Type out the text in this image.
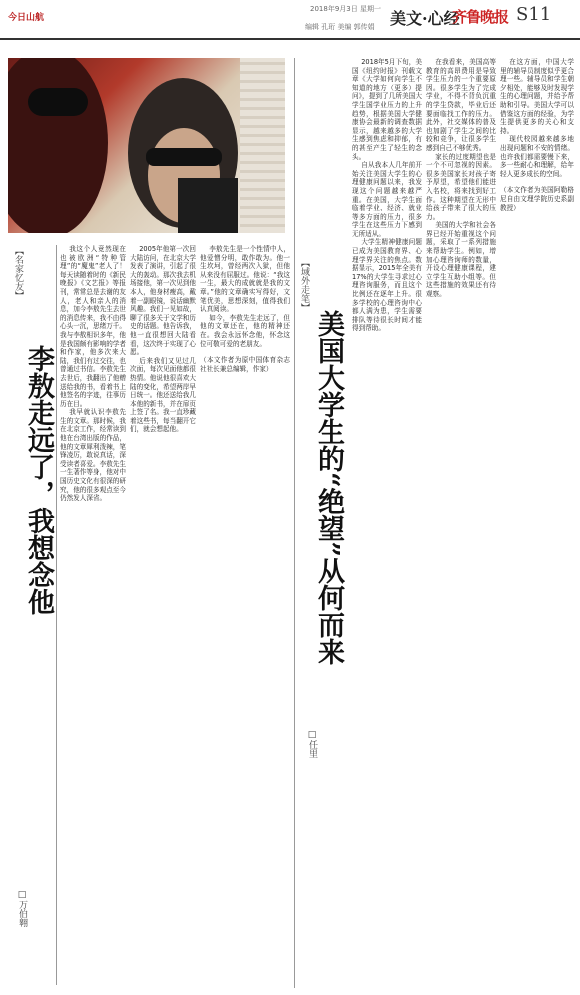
今日山航
2018年9月3日 星期一
编辑 孔珩 美编 郭传娟 美文·心经
齐鲁晚报 S11
【名家忆友】
李敖走远了，我想念他
□万伯翱

我这个人竟然现在也被欧洲“特种管理”的“魔鬼”老人了！每天读随着时的《新民晚报》《文艺报》等报刊，常常总是去谢的友人，老人和亲人的消息，加今李敖先生去世的消息传来，我不由得心头一沉，思绪万千。我与李敖相识多年，他是我国颇有影响的学者和作家，他多次来大陆，我们有过交往，也曾通过书信。李敖先生去世后，我翻出了他赠送给我的书，看着书上他签名的字迹，往事历历在目。

我早就认识李敖先生的文章。那时候，我在北京工作，经常读到他在台湾出版的作品，他的文章犀利泼辣，笔锋凌厉，敢说真话，深受读者喜爱。李敖先生一生著作等身，他对中国历史文化有很深的研究，他的很多观点至今仍然发人深省。

2005年他第一次回大陆访问，在北京大学发表了演讲，引起了很大的轰动。那次我去机场接他，第一次见到他本人，他身材瘦高，戴着一副眼镜，说话幽默风趣。我们一见如故，聊了很多关于文学和历史的话题。他告诉我，他一直很想回大陆看看，这次终于实现了心愿。

后来我们又见过几次面，每次见面他都很热情。他说他很喜欢大陆的变化，希望两岸早日统一。他还送给我几本他的新书，并在扉页上签了名。我一直珍藏着这些书，每当翻开它们，就会想起他。

李敖先生是一个性情中人，他爱憎分明，敢作敢为。他一生坎坷，曾经两次入狱，但他从来没有屈服过。他说：“我这一生，最大的成就就是我的文章。”他的文章确实写得好，文笔优美，思想深刻，值得我们认真阅读。

如今，李敖先生走远了，但他的文章还在，他的精神还在。我会永远怀念他，怀念这位可敬可爱的老朋友。

（本文作者为原中国体育杂志社社长兼总编辑，作家）

【域外走笔】
美国大学生的“绝望”从何而来
□任里

2018年5月下旬，美国《纽约时报》刊载文章《大学如何向学生不知道的地方（更多）提问》，提到了几所美国大学生国学业压力的上升趋势，根据美国大学健康协会最新的调查数据显示，越来越多的大学生感到焦虑和抑郁，有的甚至产生了轻生的念头。

自从我本人几年前开始关注美国大学生的心理健康问题以来，我发现这个问题越来越严重。在美国，大学生面临着学业、经济、就业等多方面的压力，很多学生在这些压力下感到无所适从。

大学生精神健康问题已成为美国教育界、心理学界关注的焦点。数据显示，2015年全美有17%的大学生寻求过心理咨询服务，而且这个比例还在逐年上升。很多学校的心理咨询中心都人满为患，学生需要排队等待很长时间才能得到帮助。

在我看来，美国高等教育的高昂费用是导致学生压力的一个重要原因。很多学生为了完成学业，不得不背负沉重的学生贷款，毕业后还要面临找工作的压力。此外，社交媒体的普及也加剧了学生之间的比较和竞争，让很多学生感到自己不够优秀。

家长的过度期望也是一个不可忽视的因素。很多美国家长对孩子寄予厚望，希望他们能进入名校，将来找到好工作。这种期望在无形中给孩子带来了很大的压力。

美国的大学和社会各界已经开始重视这个问题，采取了一系列措施来帮助学生。例如，增加心理咨询师的数量，开设心理健康课程，建立学生互助小组等。但这些措施的效果还有待观察。

在这方面，中国大学里的辅导员制度似乎更合理一些。辅导员和学生朝夕相处，能够及时发现学生的心理问题，并给予帮助和引导。美国大学可以借鉴这方面的经验，为学生提供更多的关心和支持。

现代校园越来越多地出现问题和不安的情绪。也许我们都需要慢下来，多一些耐心和理解，给年轻人更多成长的空间。

（本文作者为美国阿勒格尼自由文理学院历史系副教授）
